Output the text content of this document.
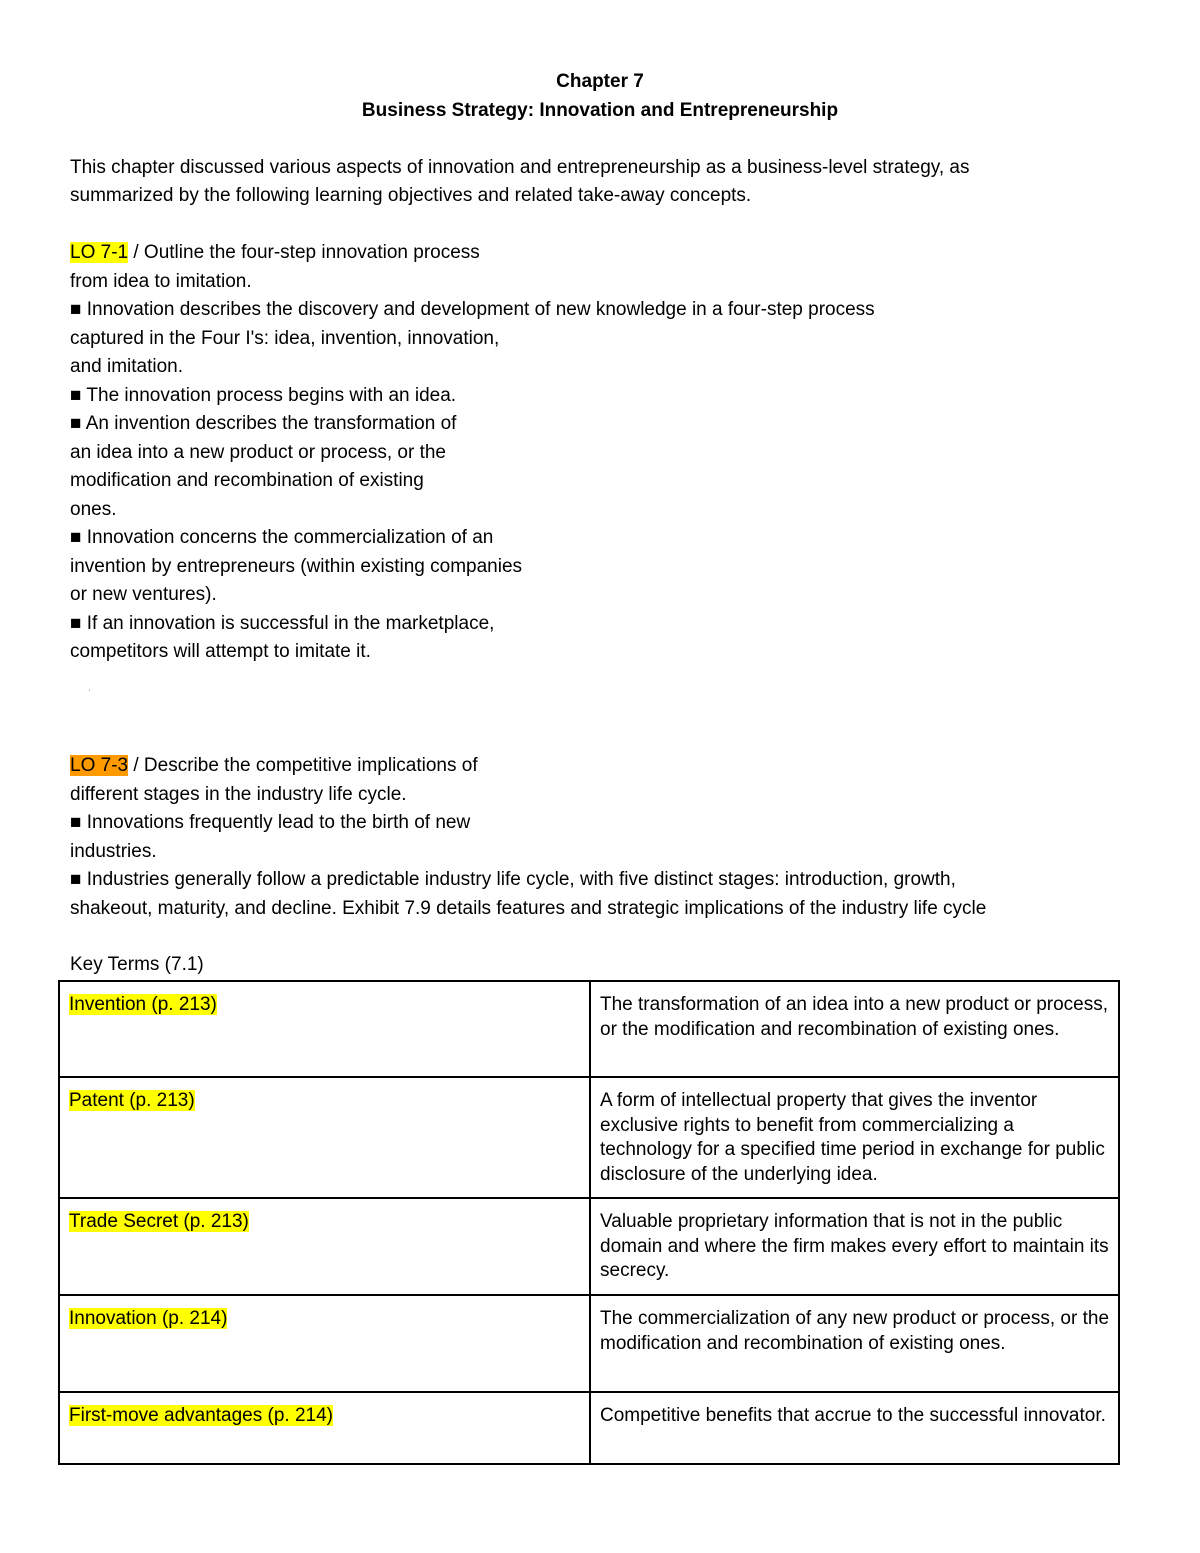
Chapter 7

Business Strategy: Innovation and Entrepreneurship

This chapter discussed various aspects of innovation and entrepreneurship as a business-level strategy, as
summarized by the following learning objectives and related take-away concepts.
LO 7-1 / Outline the four-step innovation process
from idea to imitation.
■ Innovation describes the discovery and development of new knowledge in a four-step process
captured in the Four I's: idea, invention, innovation,
and imitation.
■ The innovation process begins with an idea.
■ An invention describes the transformation of
an idea into a new product or process, or the
modification and recombination of existing
ones.
■ Innovation concerns the commercialization of an
invention by entrepreneurs (within existing companies
or new ventures).
■ If an innovation is successful in the marketplace,
competitors will attempt to imitate it.
LO 7-3 / Describe the competitive implications of
different stages in the industry life cycle.
■ Innovations frequently lead to the birth of new
industries.
■ Industries generally follow a predictable industry life cycle, with five distinct stages: introduction, growth,
shakeout, maturity, and decline. Exhibit 7.9 details features and strategic implications of the industry life cycle
ˈ
Key Terms (7.1)
Invention (p. 213)	The transformation of an idea into a new product or process, or the modification and recombination of existing ones.
Patent (p. 213)	A form of intellectual property that gives the inventor exclusive rights to benefit from commercializing a technology for a specified time period in exchange for public disclosure of the underlying idea.
Trade Secret (p. 213)	Valuable proprietary information that is not in the public domain and where the firm makes every effort to maintain its secrecy.
Innovation (p. 214)	The commercialization of any new product or process, or the modification and recombination of existing ones.
First-move advantages (p. 214)	Competitive benefits that accrue to the successful innovator.
